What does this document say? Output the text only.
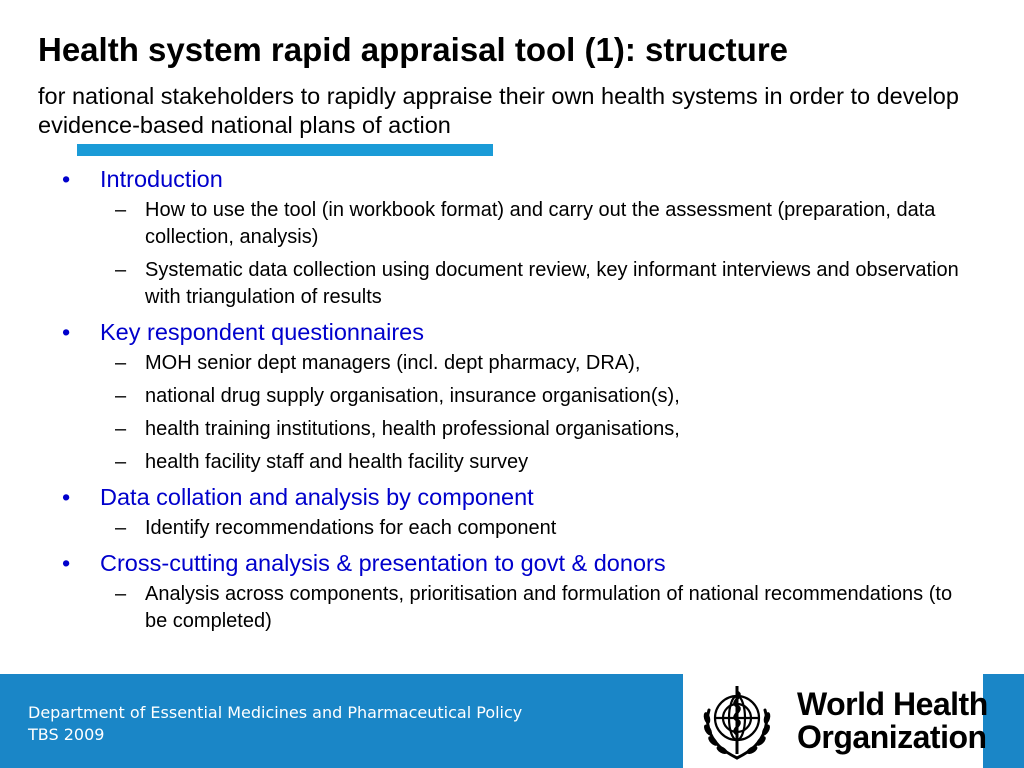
Health system rapid appraisal tool (1): structure
for national stakeholders to rapidly appraise their own health systems in order to develop evidence-based national plans of action
• Introduction
– How to use the tool (in workbook format) and carry out the assessment (preparation, data collection, analysis)
– Systematic data collection using document review, key informant interviews and observation with triangulation of results
• Key respondent questionnaires
– MOH senior dept managers (incl. dept pharmacy, DRA),
– national drug supply organisation, insurance organisation(s),
– health training institutions, health professional organisations,
– health facility staff and health facility survey
• Data collation and analysis by component
– Identify recommendations for each component
• Cross-cutting analysis & presentation to govt & donors
– Analysis across components, prioritisation and formulation of national recommendations (to be completed)
Department of Essential Medicines and Pharmaceutical Policy
TBS 2009
World Health
Organization
